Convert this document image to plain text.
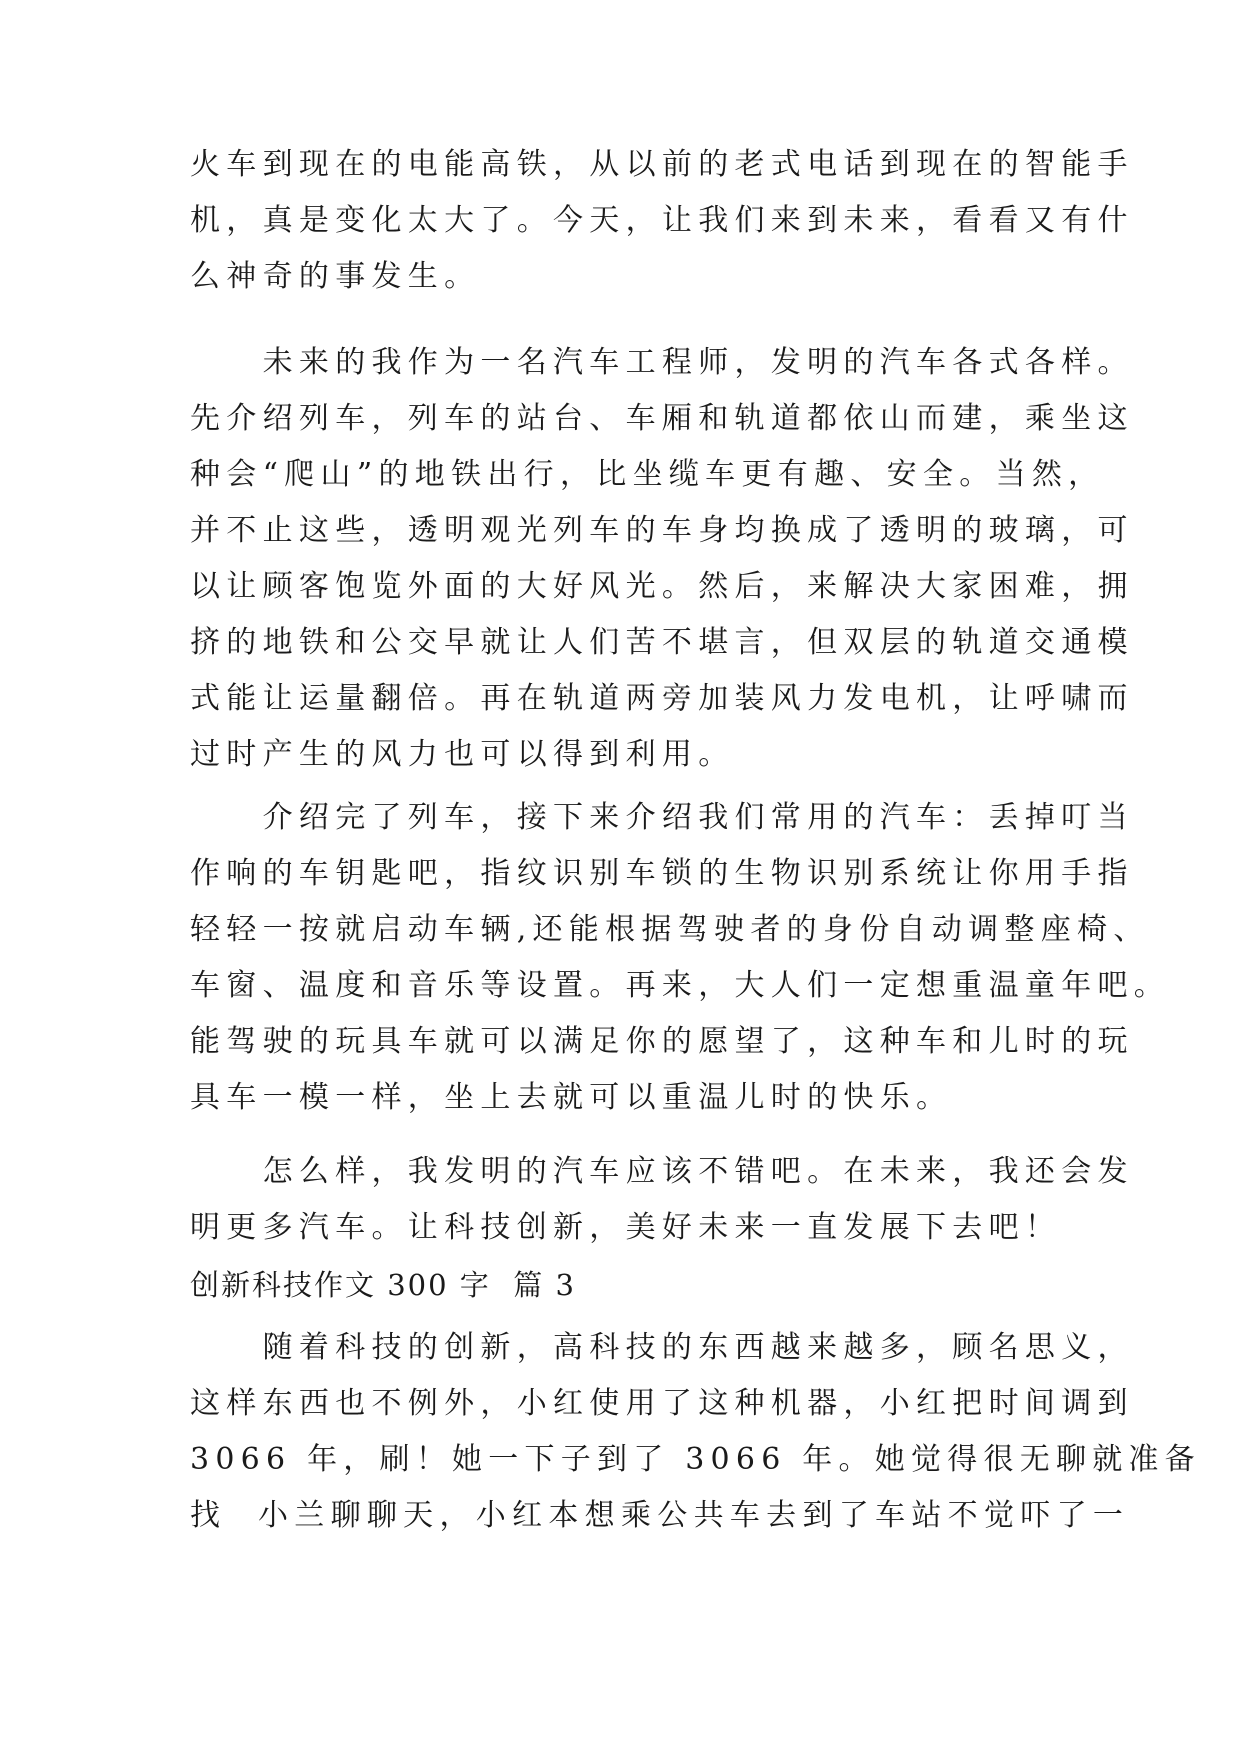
火车到现在的电能高铁，从以前的老式电话到现在的智能手
机，真是变化太大了。今天，让我们来到未来，看看又有什
么神奇的事发生。
　　未来的我作为一名汽车工程师，发明的汽车各式各样。
先介绍列车，列车的站台、车厢和轨道都依山而建，乘坐这
种会“爬山”的地铁出行，比坐缆车更有趣、安全。当然，
并不止这些，透明观光列车的车身均换成了透明的玻璃，可
以让顾客饱览外面的大好风光。然后，来解决大家困难，拥
挤的地铁和公交早就让人们苦不堪言，但双层的轨道交通模
式能让运量翻倍。再在轨道两旁加装风力发电机，让呼啸而
过时产生的风力也可以得到利用。
　　介绍完了列车，接下来介绍我们常用的汽车：丢掉叮当
作响的车钥匙吧，指纹识别车锁的生物识别系统让你用手指
轻轻一按就启动车辆,还能根据驾驶者的身份自动调整座椅、
车窗、温度和音乐等设置。再来，大人们一定想重温童年吧。
能驾驶的玩具车就可以满足你的愿望了，这种车和儿时的玩
具车一模一样，坐上去就可以重温儿时的快乐。
　　怎么样，我发明的汽车应该不错吧。在未来，我还会发
明更多汽车。让科技创新，美好未来一直发展下去吧！
创新科技作文 300 字  篇 3
　　随着科技的创新，高科技的东西越来越多，顾名思义，
这样东西也不例外，小红使用了这种机器，小红把时间调到
3066 年，刷！她一下子到了 3066 年。她觉得很无聊就准备
找  小兰聊聊天，小红本想乘公共车去到了车站不觉吓了一
